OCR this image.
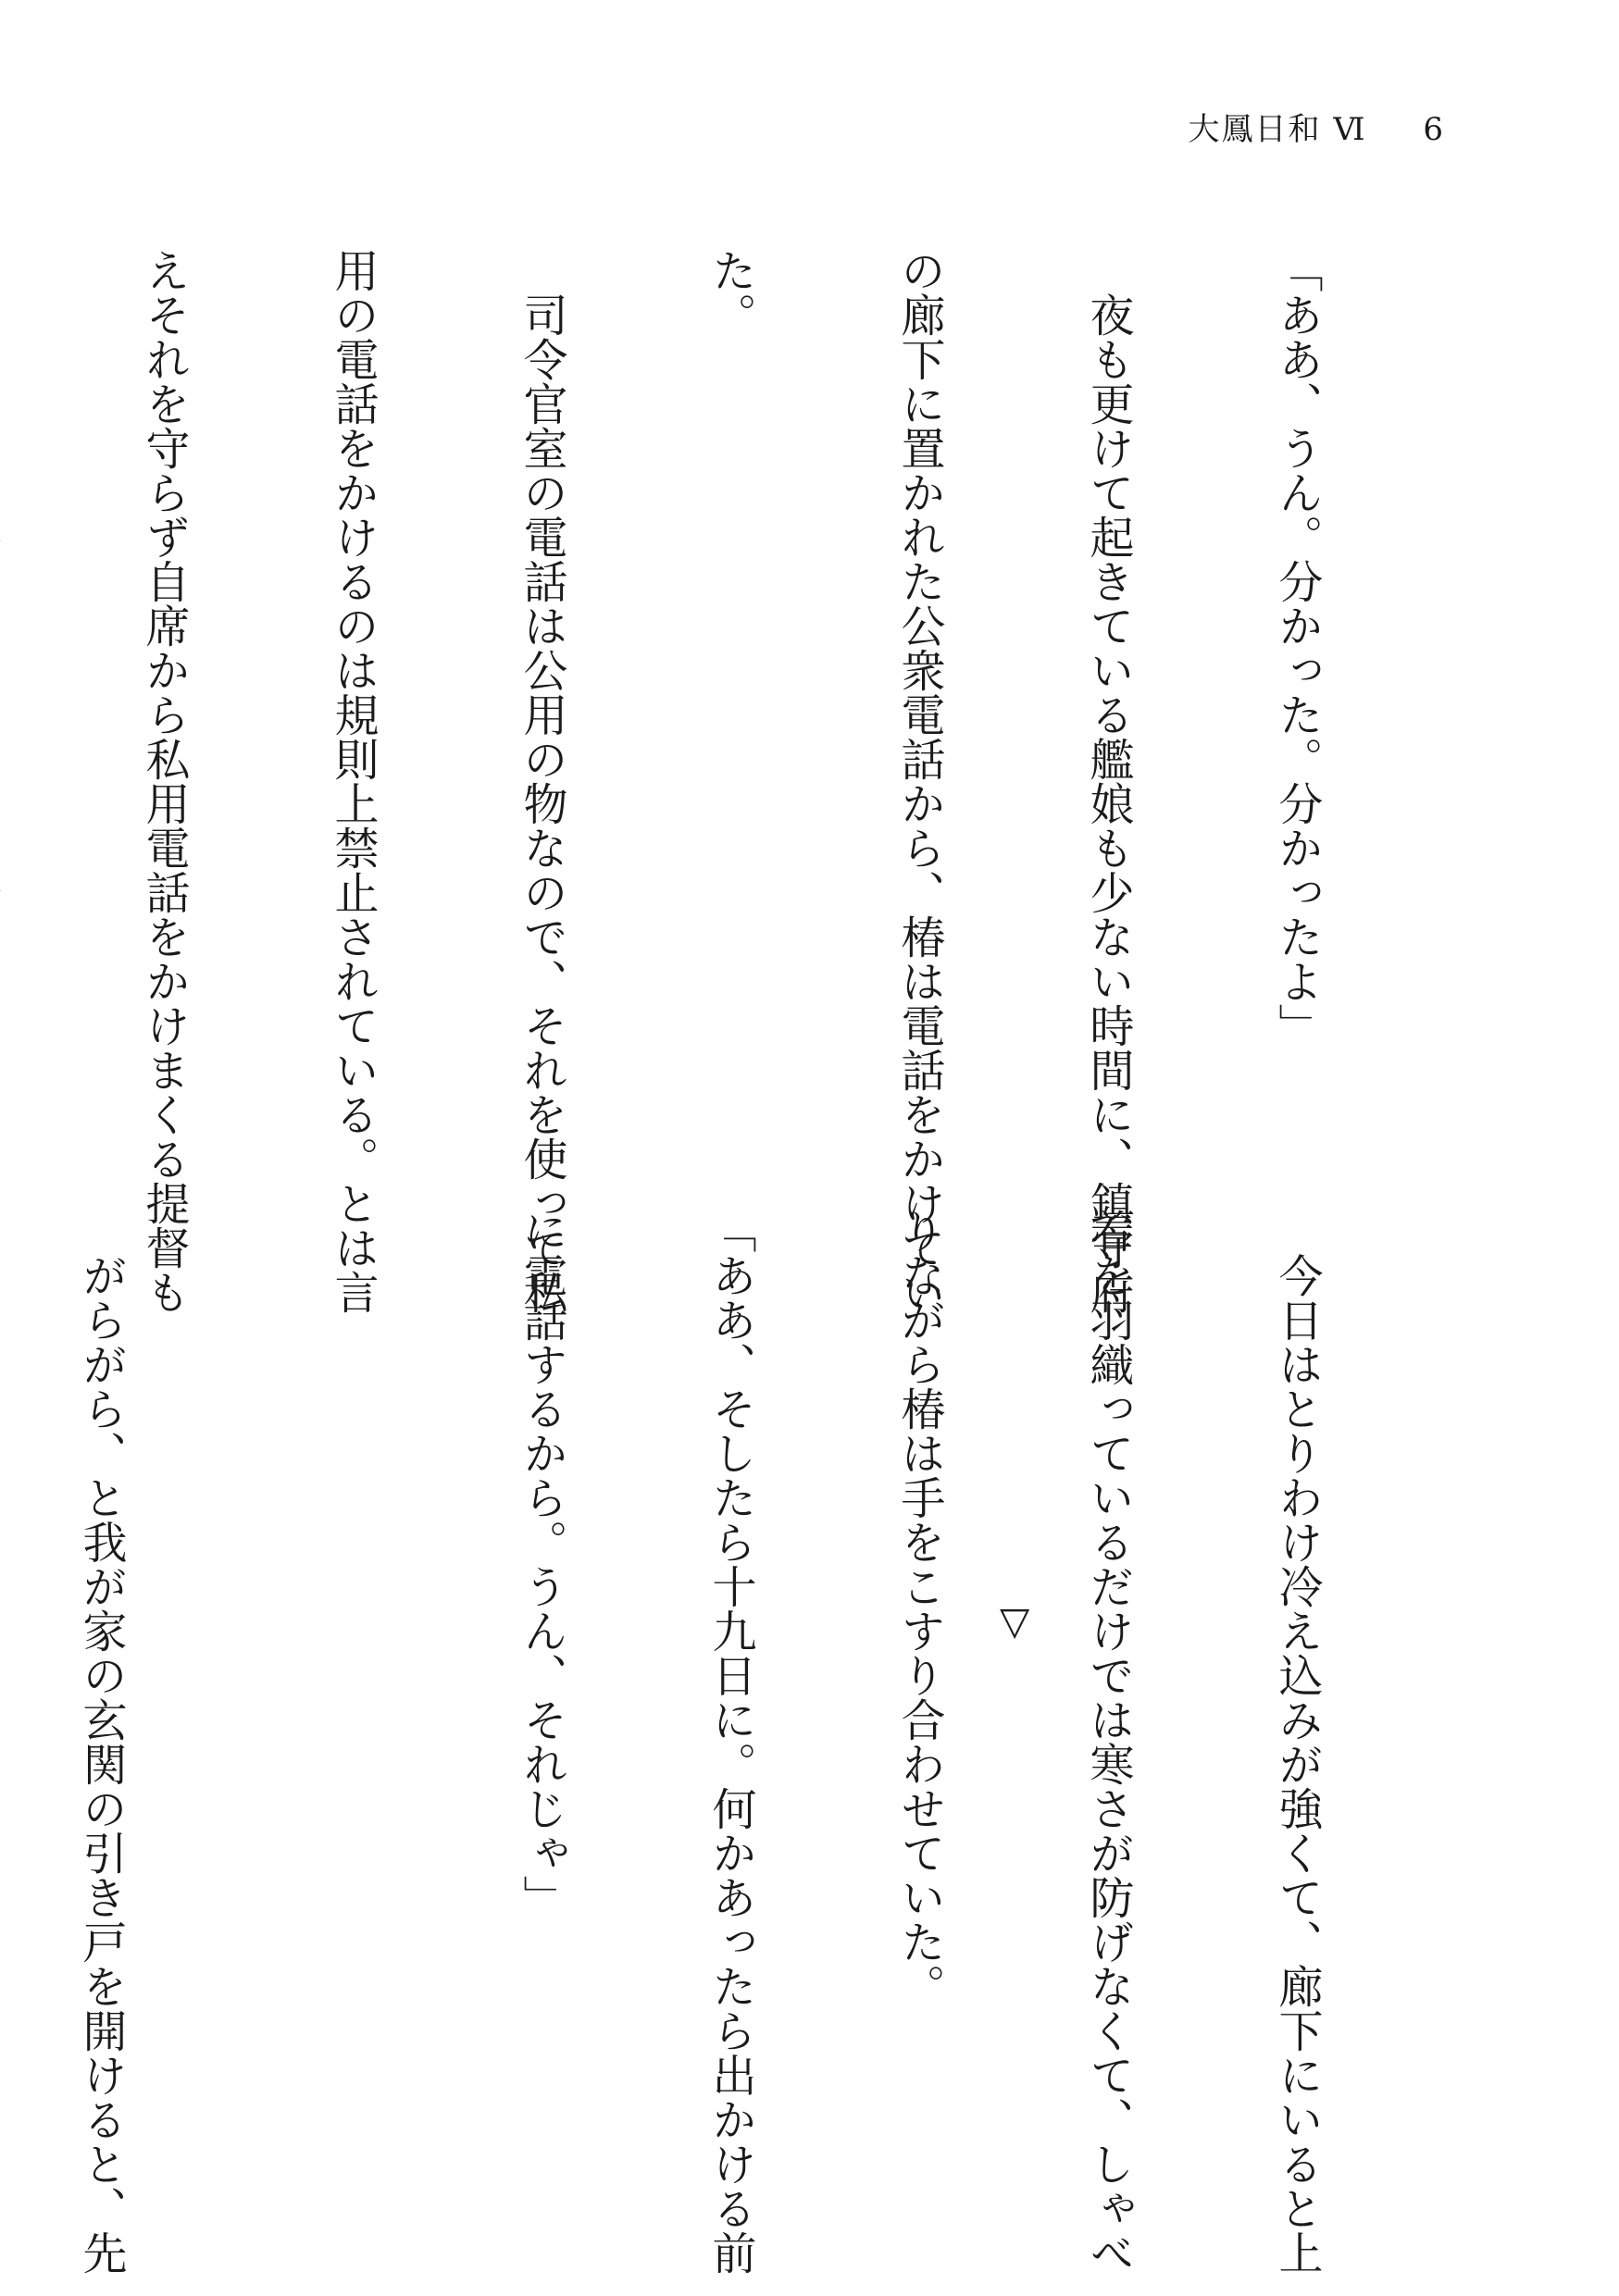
大鳳日和 Ⅵ 6

「ああ、うん。分かった。分かったよ」

　夜も更けて起きている艦娘も少ない時間に、鎮守府

の廊下に置かれた公衆電話から、椿は電話をかけてい

た。

　司令官室の電話は公用の物なので、それを使って私

用の電話をかけるのは規則上禁止されている。とは言

えそれを守らず自席から私用電話をかけまくる提督も

　今日はとりわけ冷え込みが強くて、廊下にいると上

着を羽織っているだけでは寒さが防げなくて、しゃべ

りながら椿は手をこすり合わせていた。

「ああ、そしたら十九日に。何かあったら出かける前

に電話するから。うん、それじゃ」

　がらがら、と我が家の玄関の引き戸を開けると、先

	▽
